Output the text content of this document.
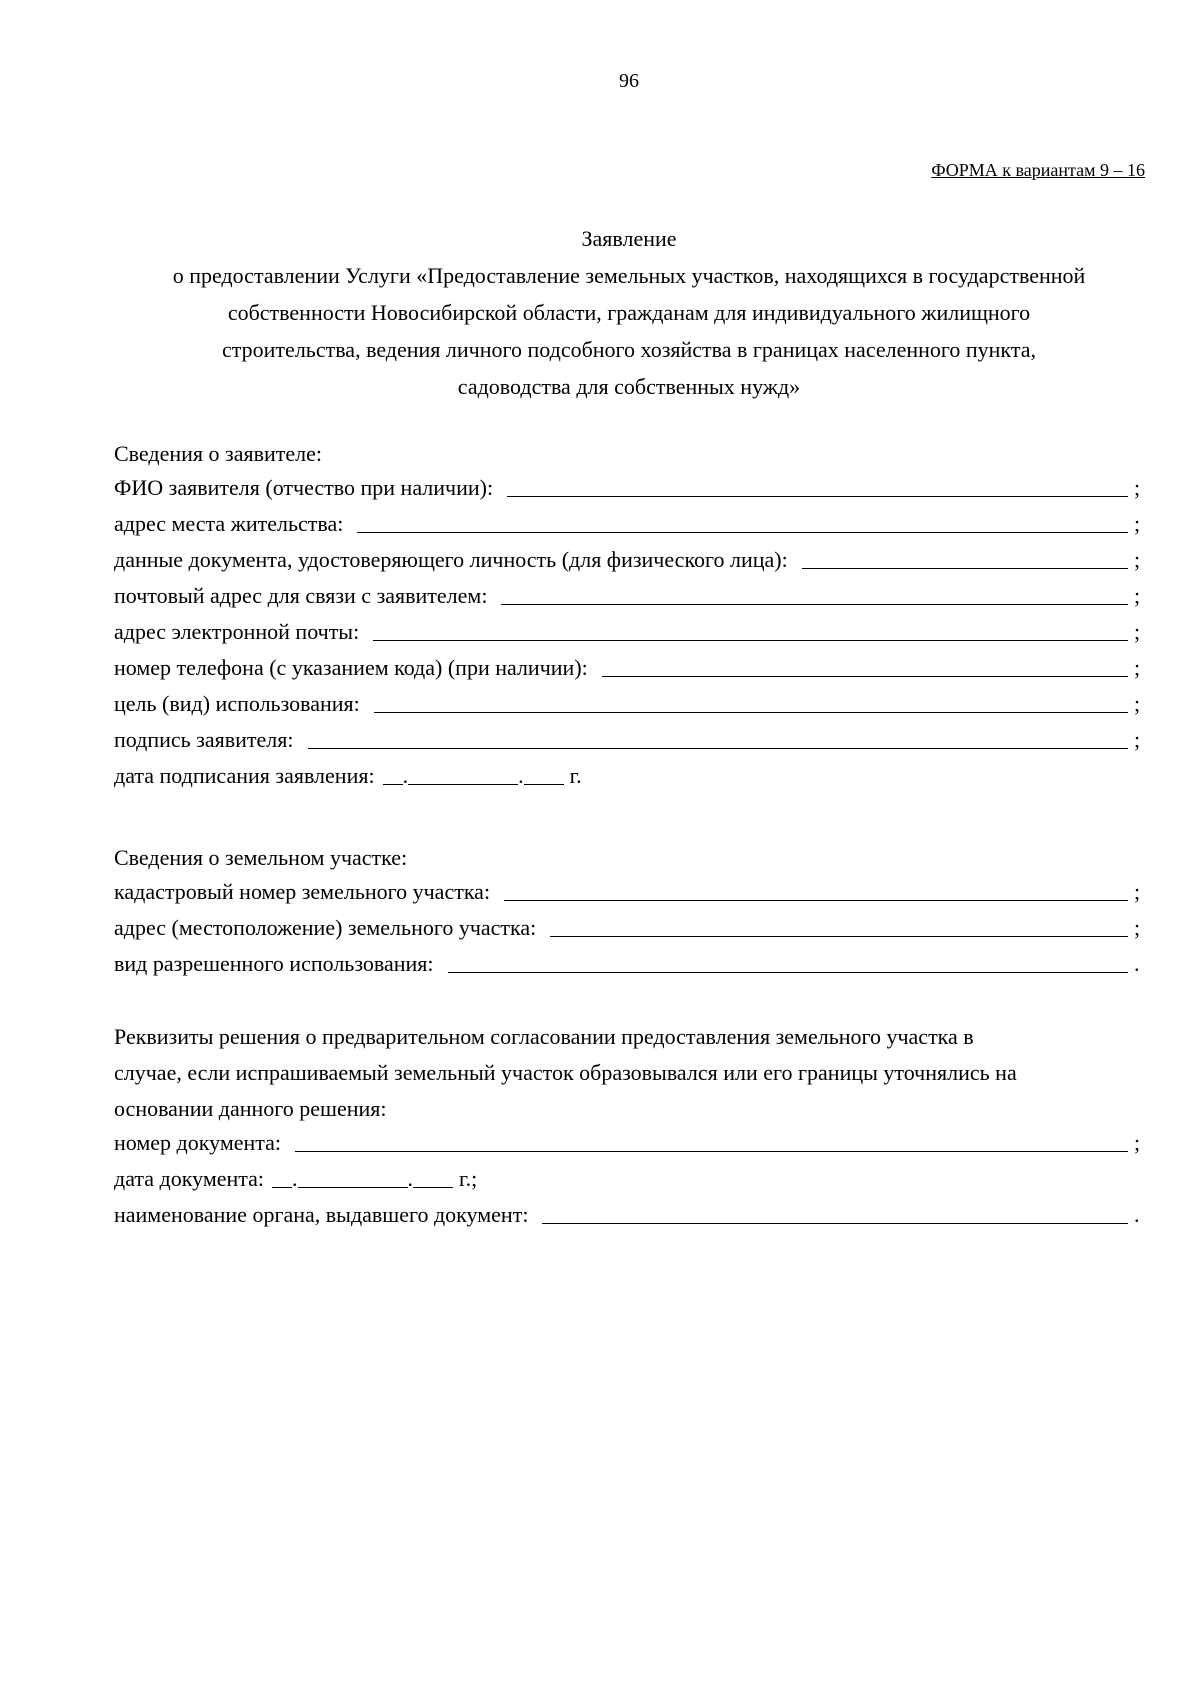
96
ФОРМА к вариантам 9 – 16
Заявление
о предоставлении Услуги «Предоставление земельных участков, находящихся в государственной
собственности Новосибирской области, гражданам для индивидуального жилищного
строительства, ведения личного подсобного хозяйства в границах населенного пункта,
садоводства для собственных нужд»
Сведения о заявителе:
ФИО заявителя (отчество при наличии):	;
адрес места жительства:	;
данные документа, удостоверяющего личность (для физического лица):	;
почтовый адрес для связи с заявителем:	;
адрес электронной почты:	;
номер телефона (с указанием кода) (при наличии):	;
цель (вид) использования:	;
подпись заявителя:	;
дата подписания заявления:	.	.	г.
Сведения о земельном участке:
кадастровый номер земельного участка:	;
адрес (местоположение) земельного участка:	;
вид разрешенного использования:	.
Реквизиты решения о предварительном согласовании предоставления земельного участка в
случае, если испрашиваемый земельный участок образовывался или его границы уточнялись на
основании данного решения:
номер документа:	;
дата документа:	.	.	г.;
наименование органа, выдавшего документ:	.
